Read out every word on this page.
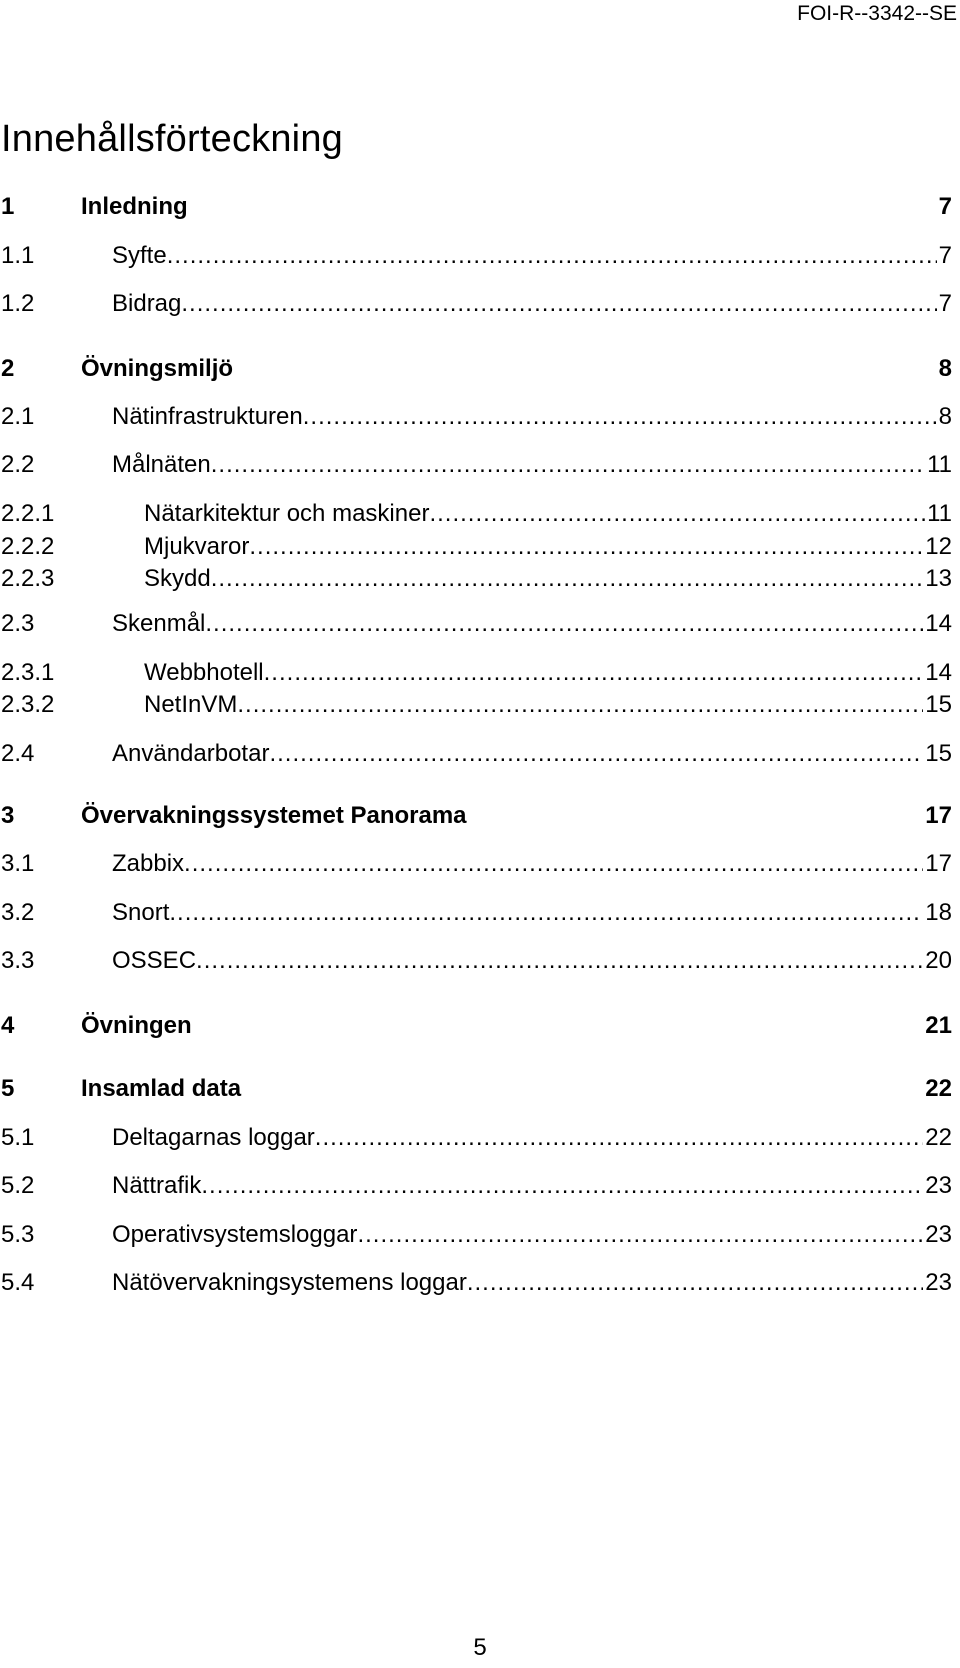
FOI-R--3342--SE
Innehållsförteckning
1	Inledning	7
1.1	Syfte .....	7
1.2	Bidrag .....	7
2	Övningsmiljö	8
2.1	Nätinfrastrukturen .....	8
2.2	Målnäten .....	11
2.2.1	Nätarkitektur och maskiner .....	11
2.2.2	Mjukvaror .....	12
2.2.3	Skydd .....	13
2.3	Skenmål .....	14
2.3.1	Webbhotell .....	14
2.3.2	NetInVM .....	15
2.4	Användarbotar .....	15
3	Övervakningssystemet Panorama	17
3.1	Zabbix .....	17
3.2	Snort .....	18
3.3	OSSEC .....	20
4	Övningen	21
5	Insamlad data	22
5.1	Deltagarnas loggar .....	22
5.2	Nättrafik .....	23
5.3	Operativsystemsloggar .....	23
5.4	Nätövervakningsystemens loggar .....	23
5
